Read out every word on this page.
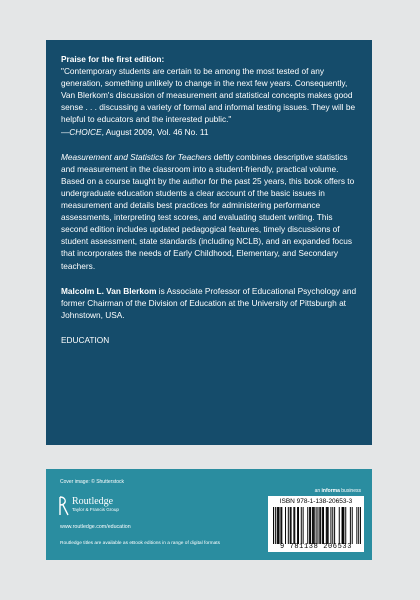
Praise for the first edition:
"Contemporary students are certain to be among the most tested of any generation, something unlikely to change in the next few years. Consequently, Van Blerkom's discussion of measurement and statistical concepts makes good sense . . . discussing a variety of formal and informal testing issues. They will be helpful to educators and the interested public."
—CHOICE, August 2009, Vol. 46 No. 11
Measurement and Statistics for Teachers deftly combines descriptive statistics and measurement in the classroom into a student-friendly, practical volume. Based on a course taught by the author for the past 25 years, this book offers to undergraduate education students a clear account of the basic issues in measurement and details best practices for administering performance assessments, interpreting test scores, and evaluating student writing. This second edition includes updated pedagogical features, timely discussions of student assessment, state standards (including NCLB), and an expanded focus that incorporates the needs of Early Childhood, Elementary, and Secondary teachers.
Malcolm L. Van Blerkom is Associate Professor of Educational Psychology and former Chairman of the Division of Education at the University of Pittsburgh at Johnstown, USA.
EDUCATION
Cover image: © Shutterstock
an informa business
Routledge
Taylor & Francis Group
www.routledge.com/education
Routledge titles are available as eBook editions in a range of digital formats
ISBN 978-1-138-20653-3
9 781138 206533
